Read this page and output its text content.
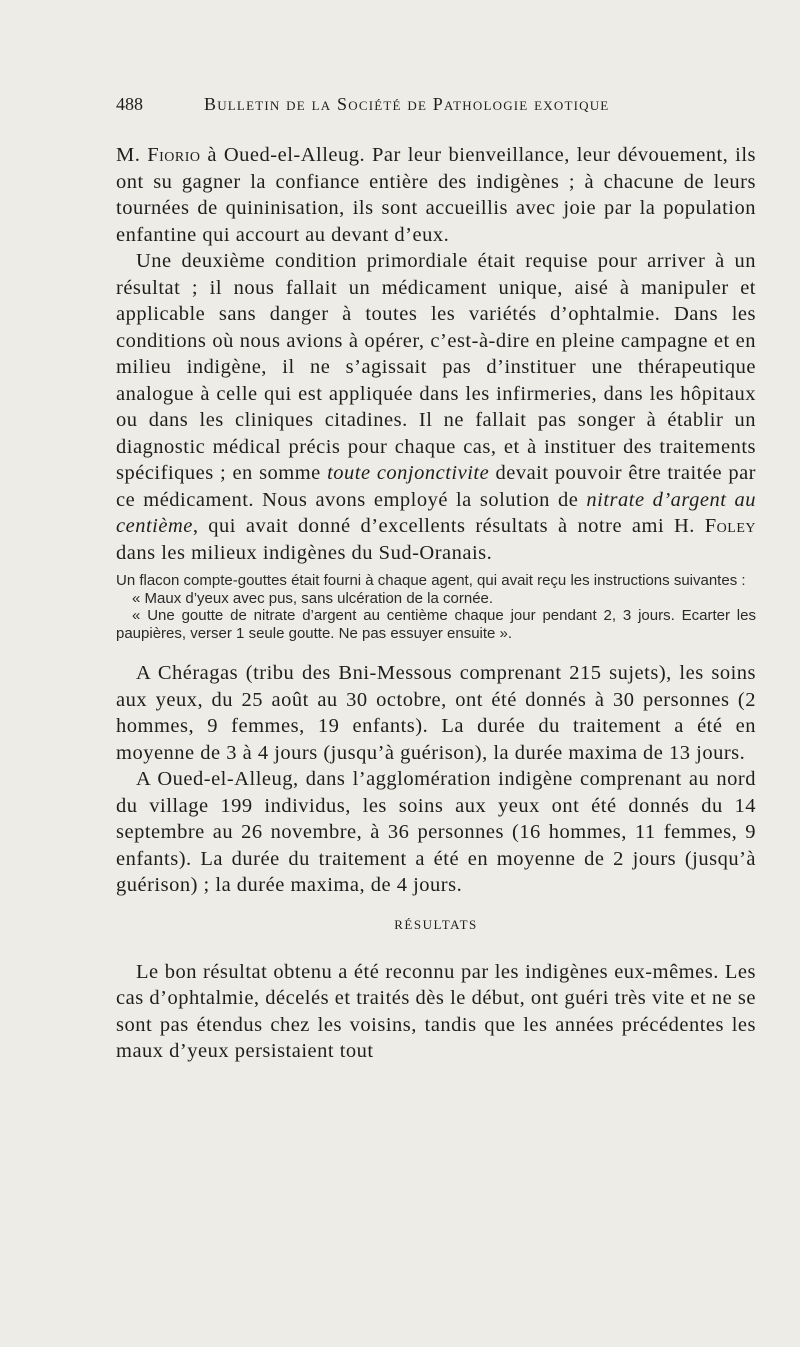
488	Bulletin de la Société de Pathologie exotique

M. Fiorio à Oued-el-Alleug. Par leur bienveillance, leur dévouement, ils ont su gagner la confiance entière des indigènes ; à chacune de leurs tournées de quininisation, ils sont accueillis avec joie par la population enfantine qui accourt au devant d’eux.

Une deuxième condition primordiale était requise pour arriver à un résultat ; il nous fallait un médicament unique, aisé à manipuler et applicable sans danger à toutes les variétés d’ophtalmie. Dans les conditions où nous avions à opérer, c’est-à-dire en pleine campagne et en milieu indigène, il ne s’agissait pas d’instituer une thérapeutique analogue à celle qui est appliquée dans les infirmeries, dans les hôpitaux ou dans les cliniques citadines. Il ne fallait pas songer à établir un diagnostic médical précis pour chaque cas, et à instituer des traitements spécifiques ; en somme toute conjonctivite devait pouvoir être traitée par ce médicament. Nous avons employé la solution de nitrate d’argent au centième, qui avait donné d’excellents résultats à notre ami H. Foley dans les milieux indigènes du Sud-Oranais.

Un flacon compte-gouttes était fourni à chaque agent, qui avait reçu les instructions suivantes :

« Maux d’yeux avec pus, sans ulcération de la cornée.

« Une goutte de nitrate d’argent au centième chaque jour pendant 2, 3 jours. Ecarter les paupières, verser 1 seule goutte. Ne pas essuyer ensuite ».

A Chéragas (tribu des Bni-Messous comprenant 215 sujets), les soins aux yeux, du 25 août au 30 octobre, ont été donnés à 30 personnes (2 hommes, 9 femmes, 19 enfants). La durée du traitement a été en moyenne de 3 à 4 jours (jusqu’à guérison), la durée maxima de 13 jours.

A Oued-el-Alleug, dans l’agglomération indigène comprenant au nord du village 199 individus, les soins aux yeux ont été donnés du 14 septembre au 26 novembre, à 36 personnes (16 hommes, 11 femmes, 9 enfants). La durée du traitement a été en moyenne de 2 jours (jusqu’à guérison) ; la durée maxima, de 4 jours.

RÉSULTATS

Le bon résultat obtenu a été reconnu par les indigènes eux-mêmes. Les cas d’ophtalmie, décelés et traités dès le début, ont guéri très vite et ne se sont pas étendus chez les voisins, tandis que les années précédentes les maux d’yeux persistaient tout
